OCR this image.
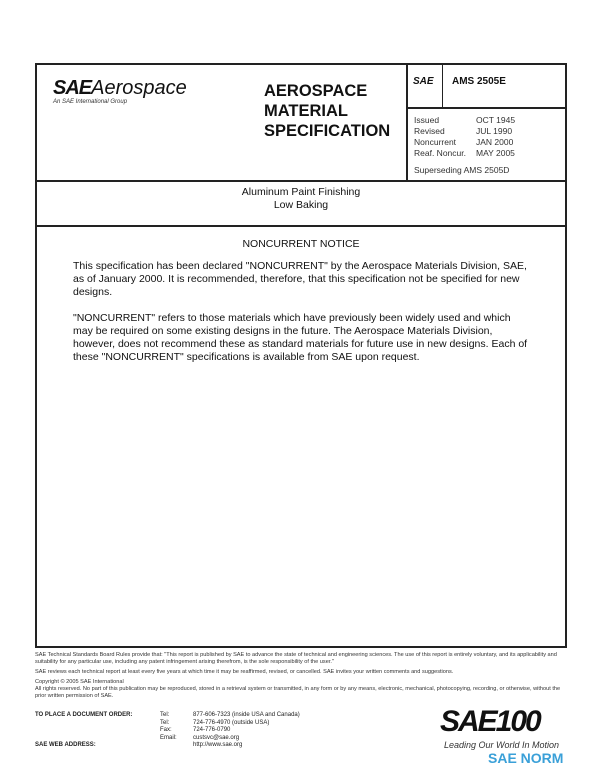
SAEAerospace
An SAE International Group
AEROSPACE
MATERIAL
SPECIFICATION
SAE	AMS 2505E
Issued	OCT 1945
Revised	JUL 1990
Noncurrent	JAN 2000
Reaf. Noncur.	MAY 2005
Superseding AMS 2505D
Aluminum Paint Finishing
Low Baking
NONCURRENT NOTICE

This specification has been declared "NONCURRENT" by the Aerospace Materials Division, SAE, as of January 2000. It is recommended, therefore, that this specification not be specified for new designs.

"NONCURRENT" refers to those materials which have previously been widely used and which may be required on some existing designs in the future. The Aerospace Materials Division, however, does not recommend these as standard materials for future use in new designs. Each of these "NONCURRENT" specifications is available from SAE upon request.

SAE Technical Standards Board Rules provide that: "This report is published by SAE to advance the state of technical and engineering sciences. The use of this report is entirely voluntary, and its applicability and suitability for any particular use, including any patent infringement arising therefrom, is the sole responsibility of the user."

SAE reviews each technical report at least every five years at which time it may be reaffirmed, revised, or cancelled. SAE invites your written comments and suggestions.

Copyright © 2005 SAE International
All rights reserved. No part of this publication may be reproduced, stored in a retrieval system or transmitted, in any form or by any means, electronic, mechanical, photocopying, recording, or otherwise, without the prior written permission of SAE.
TO PLACE A DOCUMENT ORDER:
SAE WEB ADDRESS:
Tel:	877-606-7323 (inside USA and Canada)
Tel:	724-776-4970 (outside USA)
Fax:	724-776-0790
Email:	custsvc@sae.org
http://www.sae.org
SAE100
Leading Our World In Motion
SAE NORM
